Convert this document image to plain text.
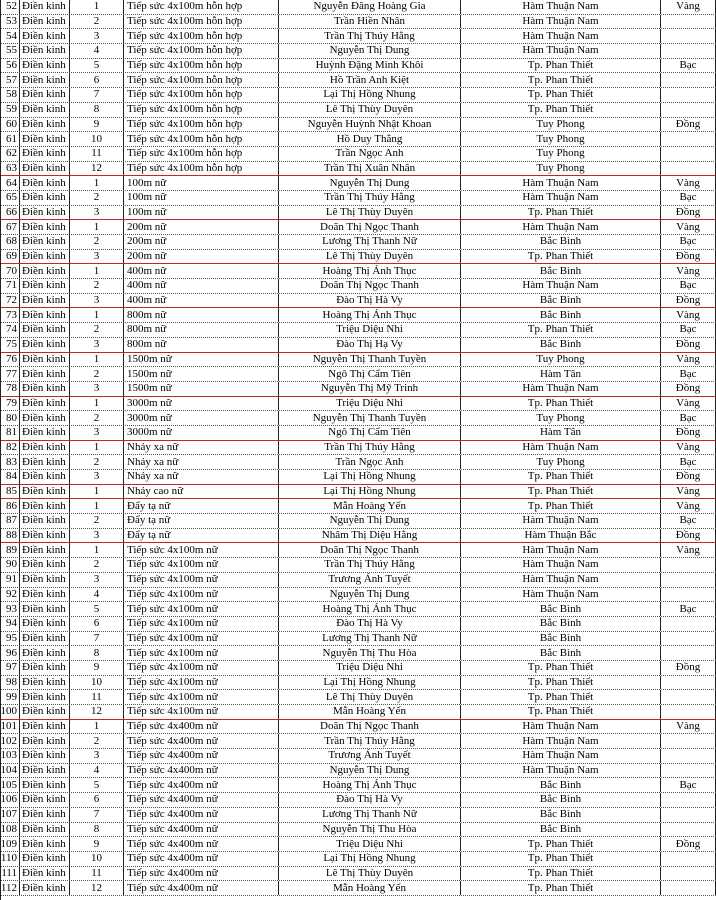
52 Điền kinh	1	Tiếp sức 4x100m hỗn hợp	Nguyễn Đăng Hoàng Gia	Hàm Thuận Nam	Vàng
53 Điền kinh	2	Tiếp sức 4x100m hỗn hợp	Trần Hiền Nhân	Hàm Thuận Nam
54 Điền kinh	3	Tiếp sức 4x100m hỗn hợp	Trần Thị Thúy Hằng	Hàm Thuận Nam
55 Điền kinh	4	Tiếp sức 4x100m hỗn hợp	Nguyễn Thị Dung	Hàm Thuận Nam
56 Điền kinh	5	Tiếp sức 4x100m hỗn hợp	Huỳnh Đặng Minh Khôi	Tp. Phan Thiết	Bạc
57 Điền kinh	6	Tiếp sức 4x100m hỗn hợp	Hồ Trần Anh Kiệt	Tp. Phan Thiết
58 Điền kinh	7	Tiếp sức 4x100m hỗn hợp	Lại Thị Hồng Nhung	Tp. Phan Thiết
59 Điền kinh	8	Tiếp sức 4x100m hỗn hợp	Lê Thị Thùy Duyên	Tp. Phan Thiết
60 Điền kinh	9	Tiếp sức 4x100m hỗn hợp	Nguyễn Huỳnh Nhật Khoan	Tuy Phong	Đồng
61 Điền kinh	10	Tiếp sức 4x100m hỗn hợp	Hồ Duy Thắng	Tuy Phong
62 Điền kinh	11	Tiếp sức 4x100m hỗn hợp	Trần Ngọc Anh	Tuy Phong
63 Điền kinh	12	Tiếp sức 4x100m hỗn hợp	Trần Thị Xuân Nhân	Tuy Phong
64 Điền kinh	1	100m nữ	Nguyễn Thị Dung	Hàm Thuận Nam	Vàng
65 Điền kinh	2	100m nữ	Trần Thị Thúy Hằng	Hàm Thuận Nam	Bạc
66 Điền kinh	3	100m nữ	Lê Thị Thùy Duyên	Tp. Phan Thiết	Đồng
67 Điền kinh	1	200m nữ	Doãn Thị Ngọc Thanh	Hàm Thuận Nam	Vàng
68 Điền kinh	2	200m nữ	Lương Thị Thanh Nữ	Bắc Bình	Bạc
69 Điền kinh	3	200m nữ	Lê Thị Thùy Duyên	Tp. Phan Thiết	Đồng
70 Điền kinh	1	400m nữ	Hoàng Thị Ánh Thục	Bắc Bình	Vàng
71 Điền kinh	2	400m nữ	Doãn Thị Ngọc Thanh	Hàm Thuận Nam	Bạc
72 Điền kinh	3	400m nữ	Đào Thị Hà Vy	Bắc Bình	Đồng
73 Điền kinh	1	800m nữ	Hoàng Thị Ánh Thục	Bắc Bình	Vàng
74 Điền kinh	2	800m nữ	Triệu Diệu Nhi	Tp. Phan Thiết	Bạc
75 Điền kinh	3	800m nữ	Đào Thị Hạ Vy	Bắc Bình	Đồng
76 Điền kinh	1	1500m nữ	Nguyễn Thị Thanh Tuyền	Tuy Phong	Vàng
77 Điền kinh	2	1500m nữ	Ngô Thị Cẩm Tiên	Hàm Tân	Bạc
78 Điền kinh	3	1500m nữ	Nguyễn Thị Mỹ Trinh	Hàm Thuận Nam	Đồng
79 Điền kinh	1	3000m nữ	Triệu Diệu Nhi	Tp. Phan Thiết	Vàng
80 Điền kinh	2	3000m nữ	Nguyễn Thị Thanh Tuyền	Tuy Phong	Bạc
81 Điền kinh	3	3000m nữ	Ngô Thị Cẩm Tiên	Hàm Tân	Đồng
82 Điền kinh	1	Nhảy xa nữ	Trần Thị Thúy Hằng	Hàm Thuận Nam	Vàng
83 Điền kinh	2	Nhảy xa nữ	Trần Ngọc Anh	Tuy Phong	Bạc
84 Điền kinh	3	Nhảy xa nữ	Lại Thị Hồng Nhung	Tp. Phan Thiết	Đồng
85 Điền kinh	1	Nhảy cao nữ	Lại Thị Hồng Nhung	Tp. Phan Thiết	Vàng
86 Điền kinh	1	Đẩy tạ nữ	Mẫn Hoàng Yến	Tp. Phan Thiết	Vàng
87 Điền kinh	2	Đẩy tạ nữ	Nguyễn Thị Dung	Hàm Thuận Nam	Bạc
88 Điền kinh	3	Đẩy tạ nữ	Nhâm Thị Diệu Hằng	Hàm Thuận Bắc	Đồng
89 Điền kinh	1	Tiếp sức 4x100m nữ	Doãn Thị Ngọc Thanh	Hàm Thuận Nam	Vàng
90 Điền kinh	2	Tiếp sức 4x100m nữ	Trần Thị Thúy Hằng	Hàm Thuận Nam
91 Điền kinh	3	Tiếp sức 4x100m nữ	Trương Ánh Tuyết	Hàm Thuận Nam
92 Điền kinh	4	Tiếp sức 4x100m nữ	Nguyễn Thị Dung	Hàm Thuận Nam
93 Điền kinh	5	Tiếp sức 4x100m nữ	Hoàng Thị Ánh Thục	Bắc Bình	Bạc
94 Điền kinh	6	Tiếp sức 4x100m nữ	Đào Thị Hà Vy	Bắc Bình
95 Điền kinh	7	Tiếp sức 4x100m nữ	Lương Thị Thanh Nữ	Bắc Bình
96 Điền kinh	8	Tiếp sức 4x100m nữ	Nguyễn Thị Thu Hòa	Bắc Bình
97 Điền kinh	9	Tiếp sức 4x100m nữ	Triệu Diệu Nhi	Tp. Phan Thiết	Đồng
98 Điền kinh	10	Tiếp sức 4x100m nữ	Lại Thị Hồng Nhung	Tp. Phan Thiết
99 Điền kinh	11	Tiếp sức 4x100m nữ	Lê Thị Thùy Duyên	Tp. Phan Thiết
100 Điền kinh	12	Tiếp sức 4x100m nữ	Mẫn Hoàng Yến	Tp. Phan Thiết
101 Điền kinh	1	Tiếp sức 4x400m nữ	Doãn Thị Ngọc Thanh	Hàm Thuận Nam	Vàng
102 Điền kinh	2	Tiếp sức 4x400m nữ	Trần Thị Thúy Hằng	Hàm Thuận Nam
103 Điền kinh	3	Tiếp sức 4x400m nữ	Trương Ánh Tuyết	Hàm Thuận Nam
104 Điền kinh	4	Tiếp sức 4x400m nữ	Nguyễn Thị Dung	Hàm Thuận Nam
105 Điền kinh	5	Tiếp sức 4x400m nữ	Hoàng Thị Ánh Thục	Bắc Bình	Bạc
106 Điền kinh	6	Tiếp sức 4x400m nữ	Đào Thị Hà Vy	Bắc Bình
107 Điền kinh	7	Tiếp sức 4x400m nữ	Lương Thị Thanh Nữ	Bắc Bình
108 Điền kinh	8	Tiếp sức 4x400m nữ	Nguyễn Thị Thu Hòa	Bắc Bình
109 Điền kinh	9	Tiếp sức 4x400m nữ	Triệu Diệu Nhi	Tp. Phan Thiết	Đồng
110 Điền kinh	10	Tiếp sức 4x400m nữ	Lại Thị Hồng Nhung	Tp. Phan Thiết
111 Điền kinh	11	Tiếp sức 4x400m nữ	Lê Thị Thùy Duyên	Tp. Phan Thiết
112 Điền kinh	12	Tiếp sức 4x400m nữ	Mẫn Hoàng Yến	Tp. Phan Thiết
